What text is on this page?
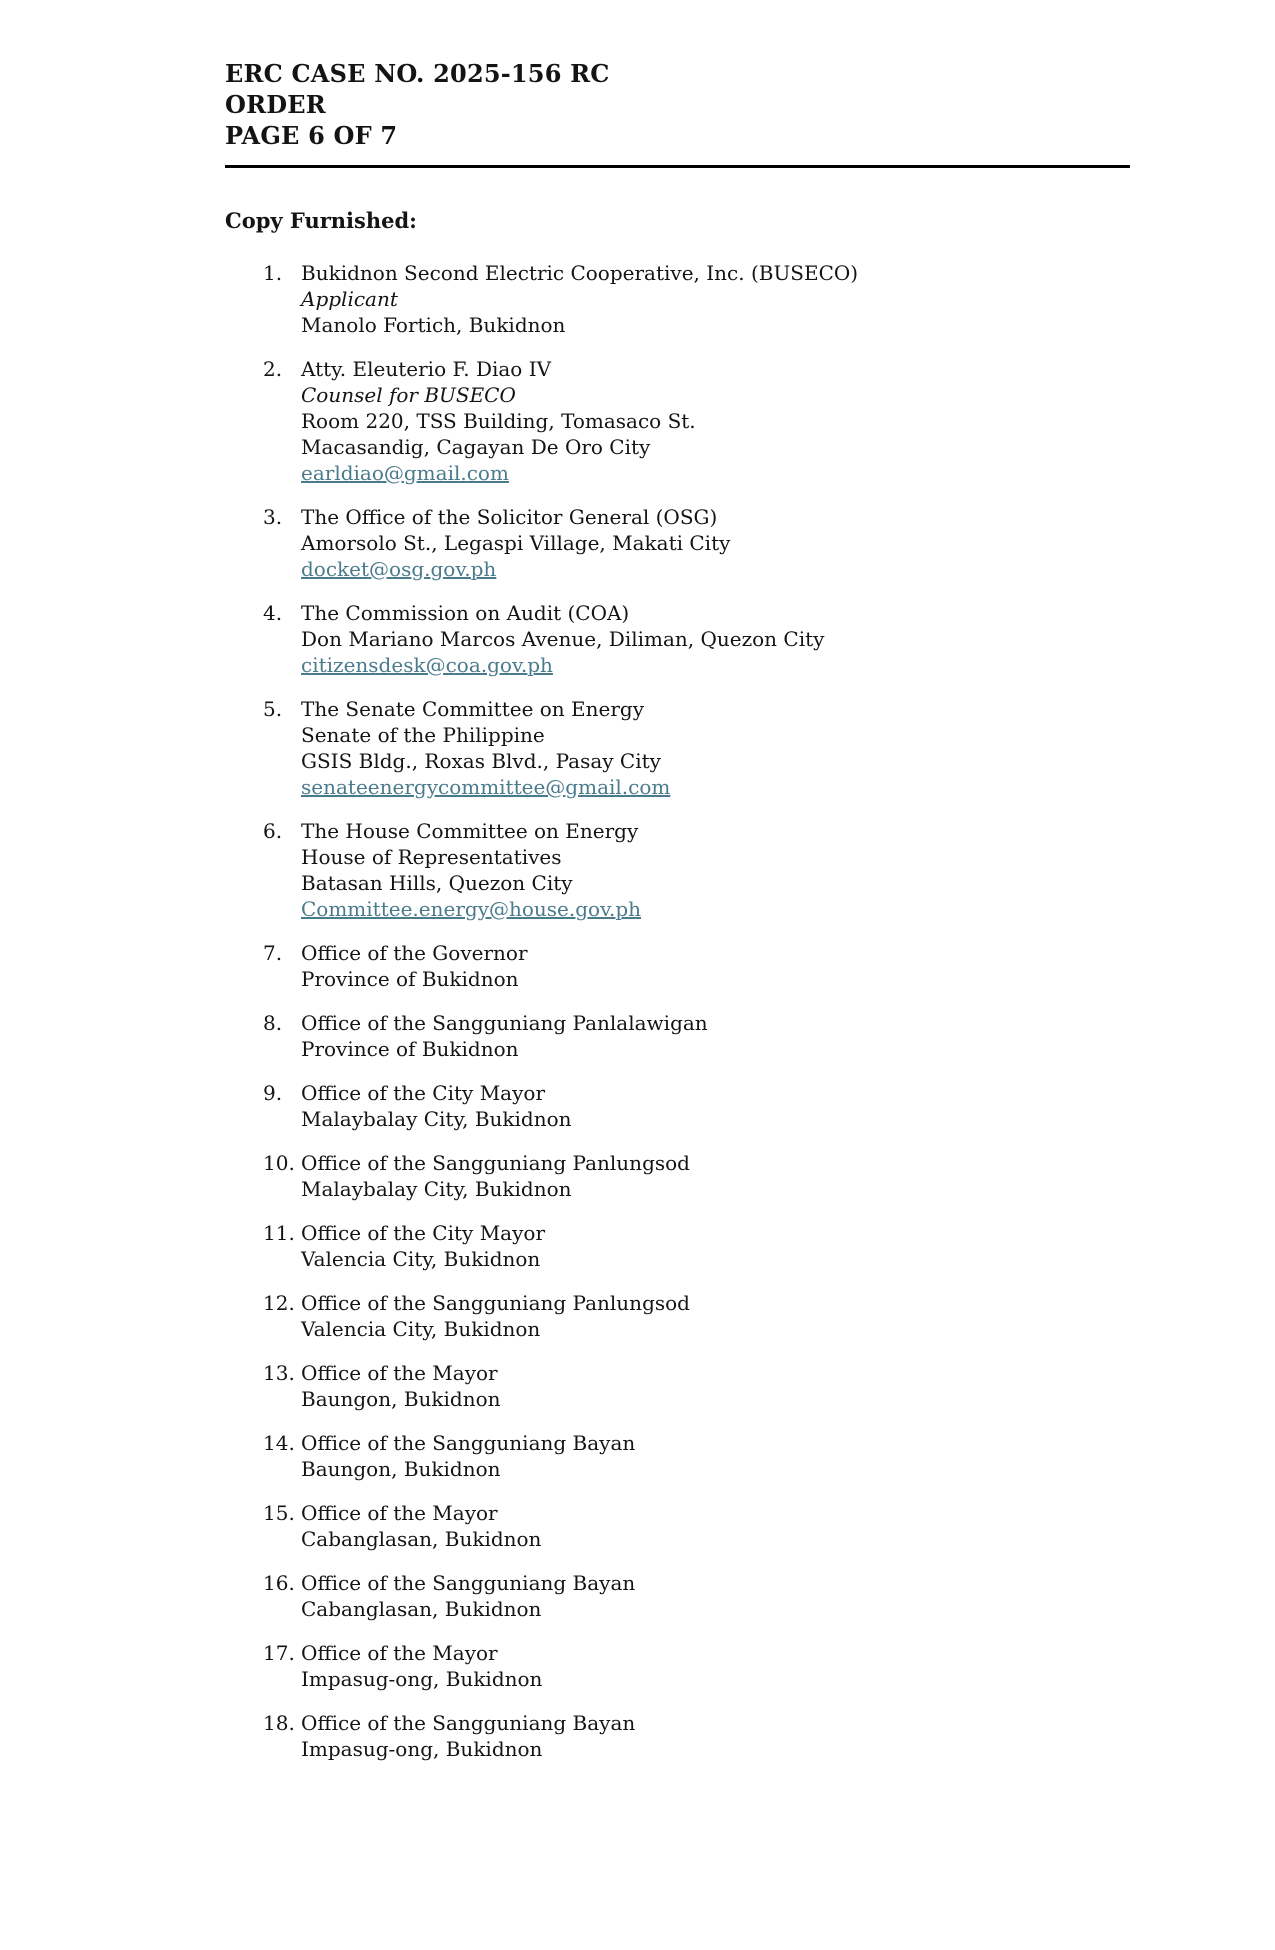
ERC CASE NO. 2025-156 RC
ORDER
PAGE 6 OF 7
Copy Furnished:
1. Bukidnon Second Electric Cooperative, Inc. (BUSECO)
Applicant
Manolo Fortich, Bukidnon
2. Atty. Eleuterio F. Diao IV
Counsel for BUSECO
Room 220, TSS Building, Tomasaco St.
Macasandig, Cagayan De Oro City
earldiao@gmail.com
3. The Office of the Solicitor General (OSG)
Amorsolo St., Legaspi Village, Makati City
docket@osg.gov.ph
4. The Commission on Audit (COA)
Don Mariano Marcos Avenue, Diliman, Quezon City
citizensdesk@coa.gov.ph
5. The Senate Committee on Energy
Senate of the Philippine
GSIS Bldg., Roxas Blvd., Pasay City
senateenergycommittee@gmail.com
6. The House Committee on Energy
House of Representatives
Batasan Hills, Quezon City
Committee.energy@house.gov.ph
7. Office of the Governor
Province of Bukidnon
8. Office of the Sangguniang Panlalawigan
Province of Bukidnon
9. Office of the City Mayor
Malaybalay City, Bukidnon
10. Office of the Sangguniang Panlungsod
Malaybalay City, Bukidnon
11. Office of the City Mayor
Valencia City, Bukidnon
12. Office of the Sangguniang Panlungsod
Valencia City, Bukidnon
13. Office of the Mayor
Baungon, Bukidnon
14. Office of the Sangguniang Bayan
Baungon, Bukidnon
15. Office of the Mayor
Cabanglasan, Bukidnon
16. Office of the Sangguniang Bayan
Cabanglasan, Bukidnon
17. Office of the Mayor
Impasug-ong, Bukidnon
18. Office of the Sangguniang Bayan
Impasug-ong, Bukidnon
